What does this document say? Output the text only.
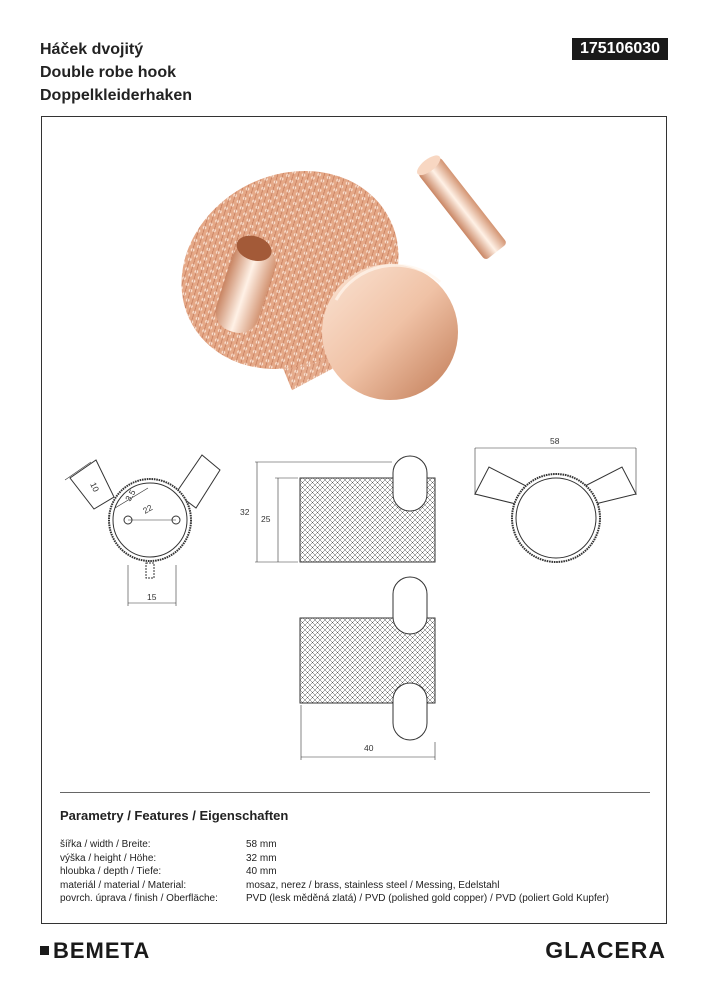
Háček dvojitý
Double robe hook
Doppelkleiderhaken
175106030
10
3.5
22
15
32
25
58
40
Parametry / Features / Eigenschaften
šířka / width / Breite:	58 mm
výška / height / Höhe:	32 mm
hloubka / depth / Tiefe:	40 mm
materiál / material / Material:	mosaz, nerez / brass, stainless steel / Messing, Edelstahl
povrch. úprava / finish / Oberfläche:	PVD (lesk měděná zlatá) / PVD (polished gold copper) / PVD (poliert Gold Kupfer)
BEMETA	GLACERA
